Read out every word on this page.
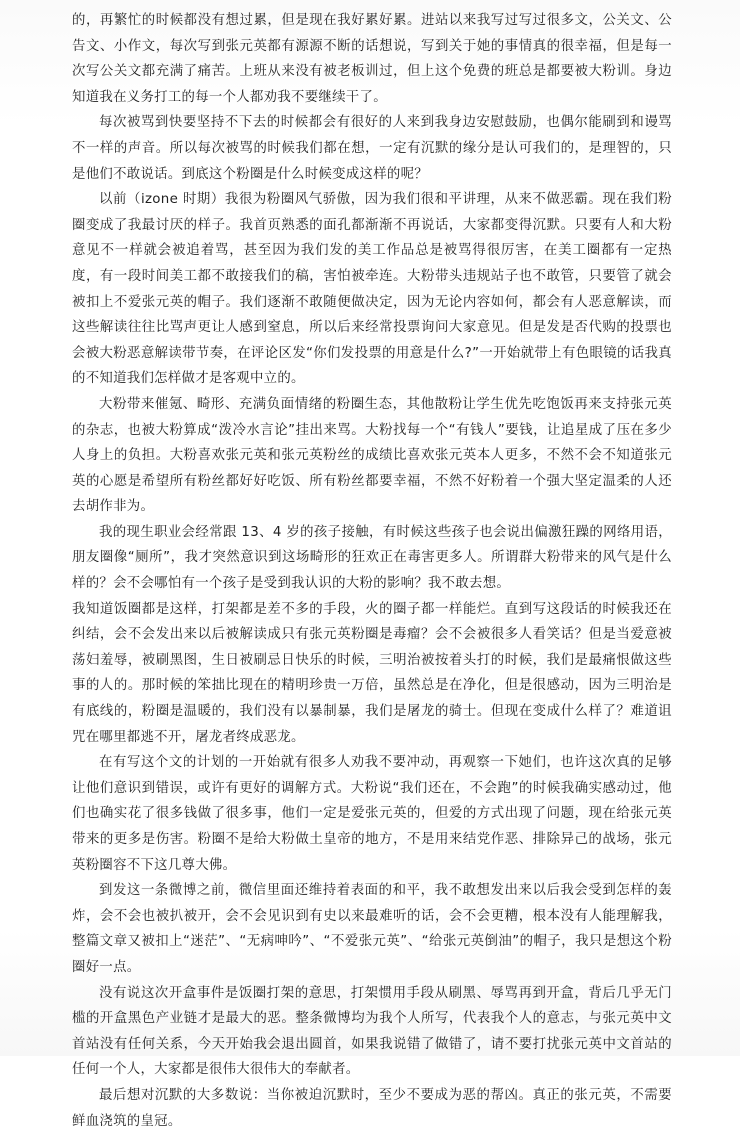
的，再繁忙的时候都没有想过累，但是现在我好累好累。进站以来我写过写过很多文，公关文、公告文、小作文，每次写到张元英都有源源不断的话想说，写到关于她的事情真的很幸福，但是每一次写公关文都充满了痛苦。上班从来没有被老板训过，但上这个免费的班总是都要被大粉训。身边知道我在义务打工的每一个人都劝我不要继续干了。

每次被骂到快要坚持不下去的时候都会有很好的人来到我身边安慰鼓励，也偶尔能刷到和谩骂不一样的声音。所以每次被骂的时候我们都在想，一定有沉默的缘分是认可我们的，是理智的，只是他们不敢说话。到底这个粉圈是什么时候变成这样的呢？

以前（izone 时期）我很为粉圈风气骄傲，因为我们很和平讲理，从来不做恶霸。现在我们粉圈变成了我最讨厌的样子。我首页熟悉的面孔都渐渐不再说话，大家都变得沉默。只要有人和大粉意见不一样就会被追着骂，甚至因为我们发的美工作品总是被骂得很厉害，在美工圈都有一定热度，有一段时间美工都不敢接我们的稿，害怕被牵连。大粉带头违规站子也不敢管，只要管了就会被扣上不爱张元英的帽子。我们逐渐不敢随便做决定，因为无论内容如何，都会有人恶意解读，而这些解读往往比骂声更让人感到窒息，所以后来经常投票询问大家意见。但是发是否代购的投票也会被大粉恶意解读带节奏，在评论区发“你们发投票的用意是什么?”一开始就带上有色眼镜的话我真的不知道我们怎样做才是客观中立的。

大粉带来催氪、畸形、充满负面情绪的粉圈生态，其他散粉让学生优先吃饱饭再来支持张元英的杂志，也被大粉算成“泼冷水言论”挂出来骂。大粉找每一个“有钱人”要钱，让追星成了压在多少人身上的负担。大粉喜欢张元英和张元英粉丝的成绩比喜欢张元英本人更多，不然不会不知道张元英的心愿是希望所有粉丝都好好吃饭、所有粉丝都要幸福，不然不好粉着一个强大坚定温柔的人还去胡作非为。

我的现生职业会经常跟 13、4 岁的孩子接触，有时候这些孩子也会说出偏激狂躁的网络用语，朋友圈像“厕所”，我才突然意识到这场畸形的狂欢正在毒害更多人。所谓群大粉带来的风气是什么样的？会不会哪怕有一个孩子是受到我认识的大粉的影响？我不敢去想。

我知道饭圈都是这样，打架都是差不多的手段，火的圈子都一样能烂。直到写这段话的时候我还在纠结，会不会发出来以后被解读成只有张元英粉圈是毒瘤？会不会被很多人看笑话？但是当爱意被荡妇羞辱，被刷黑图，生日被刷忌日快乐的时候，三明治被按着头打的时候，我们是最痛恨做这些事的人的。那时候的笨拙比现在的精明珍贵一万倍，虽然总是在净化，但是很感动，因为三明治是有底线的，粉圈是温暖的，我们没有以暴制暴，我们是屠龙的骑士。但现在变成什么样了？难道诅咒在哪里都逃不开，屠龙者终成恶龙。

在有写这个文的计划的一开始就有很多人劝我不要冲动，再观察一下她们，也许这次真的足够让他们意识到错误，或许有更好的调解方式。大粉说“我们还在，不会跑”的时候我确实感动过，他们也确实花了很多钱做了很多事，他们一定是爱张元英的，但爱的方式出现了问题，现在给张元英带来的更多是伤害。粉圈不是给大粉做土皇帝的地方，不是用来结党作恶、排除异己的战场，张元英粉圈容不下这几尊大佛。

到发这一条微博之前，微信里面还维持着表面的和平，我不敢想发出来以后我会受到怎样的轰炸，会不会也被扒被开，会不会见识到有史以来最难听的话，会不会更糟，根本没有人能理解我，整篇文章又被扣上“迷茫”、“无病呻吟”、“不爱张元英”、“给张元英倒油”的帽子，我只是想这个粉圈好一点。

没有说这次开盒事件是饭圈打架的意思，打架惯用手段从刷黑、辱骂再到开盒，背后几乎无门槛的开盒黑色产业链才是最大的恶。整条微博均为我个人所写，代表我个人的意志，与张元英中文首站没有任何关系，今天开始我会退出圆首，如果我说错了做错了，请不要打扰张元英中文首站的任何一个人，大家都是很伟大很伟大的奉献者。

最后想对沉默的大多数说：当你被迫沉默时，至少不要成为恶的帮凶。真正的张元英，不需要鲜血浇筑的皇冠。
